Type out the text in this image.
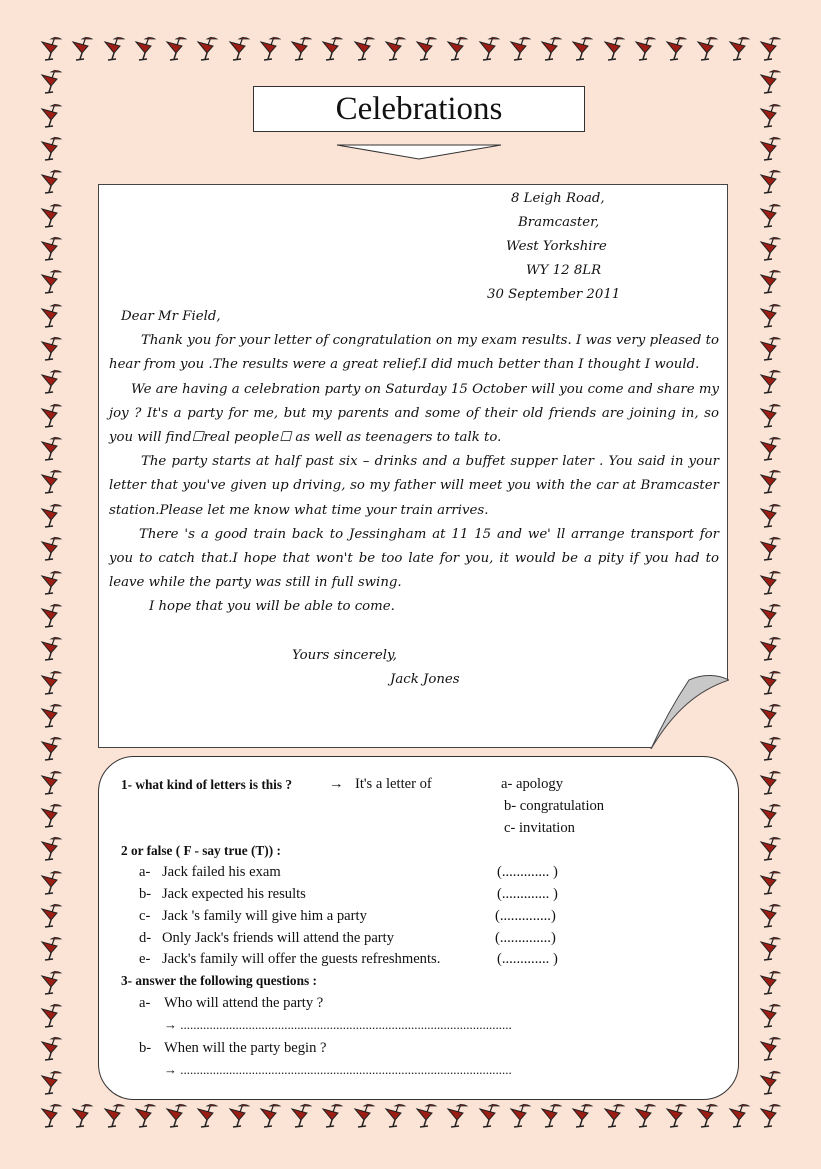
Celebrations
8 Leigh Road,
Bramcaster,
West Yorkshire
WY 12 8LR
30 September 2011

Dear Mr Field,

Thank you for your letter of congratulation on my exam results. I was very pleased to hear from you .The results were a great relief.I did much better than I thought I would.

We are having a celebration party on Saturday 15 October will you come and share my joy ? It's a party for me, but my parents and some of their old friends are joining in, so you will find☐real people☐ as well as teenagers to talk to.

The party starts at half past six – drinks and a buffet supper later . You said in your letter that you've given up driving, so my father will meet you with the car at Bramcaster station.Please let me know what time your train arrives.

There 's a good train back to Jessingham at 11 15 and we' ll arrange transport for you to catch that.I hope that won't be too late for you, it would be a pity if you had to leave while the party was still in full swing.

I hope that you will be able to come.

Yours sincerely,
Jack Jones
1- what kind of letters is this ?	→ It's a letter of	a- apology
b- congratulation
c- invitation
2 or false ( F - say true (T)) :
a- Jack failed his exam	(............. )
b- Jack expected his results	(............. )
c- Jack 's family will give him a party	(..............)
d- Only Jack's friends will attend the party	(..............)
e- Jack's family will offer the guests refreshments.	(............. )
3- answer the following questions :
a- Who will attend the party ?
→ ......................................................................................................
b- When will the party begin ?
→ ......................................................................................................
